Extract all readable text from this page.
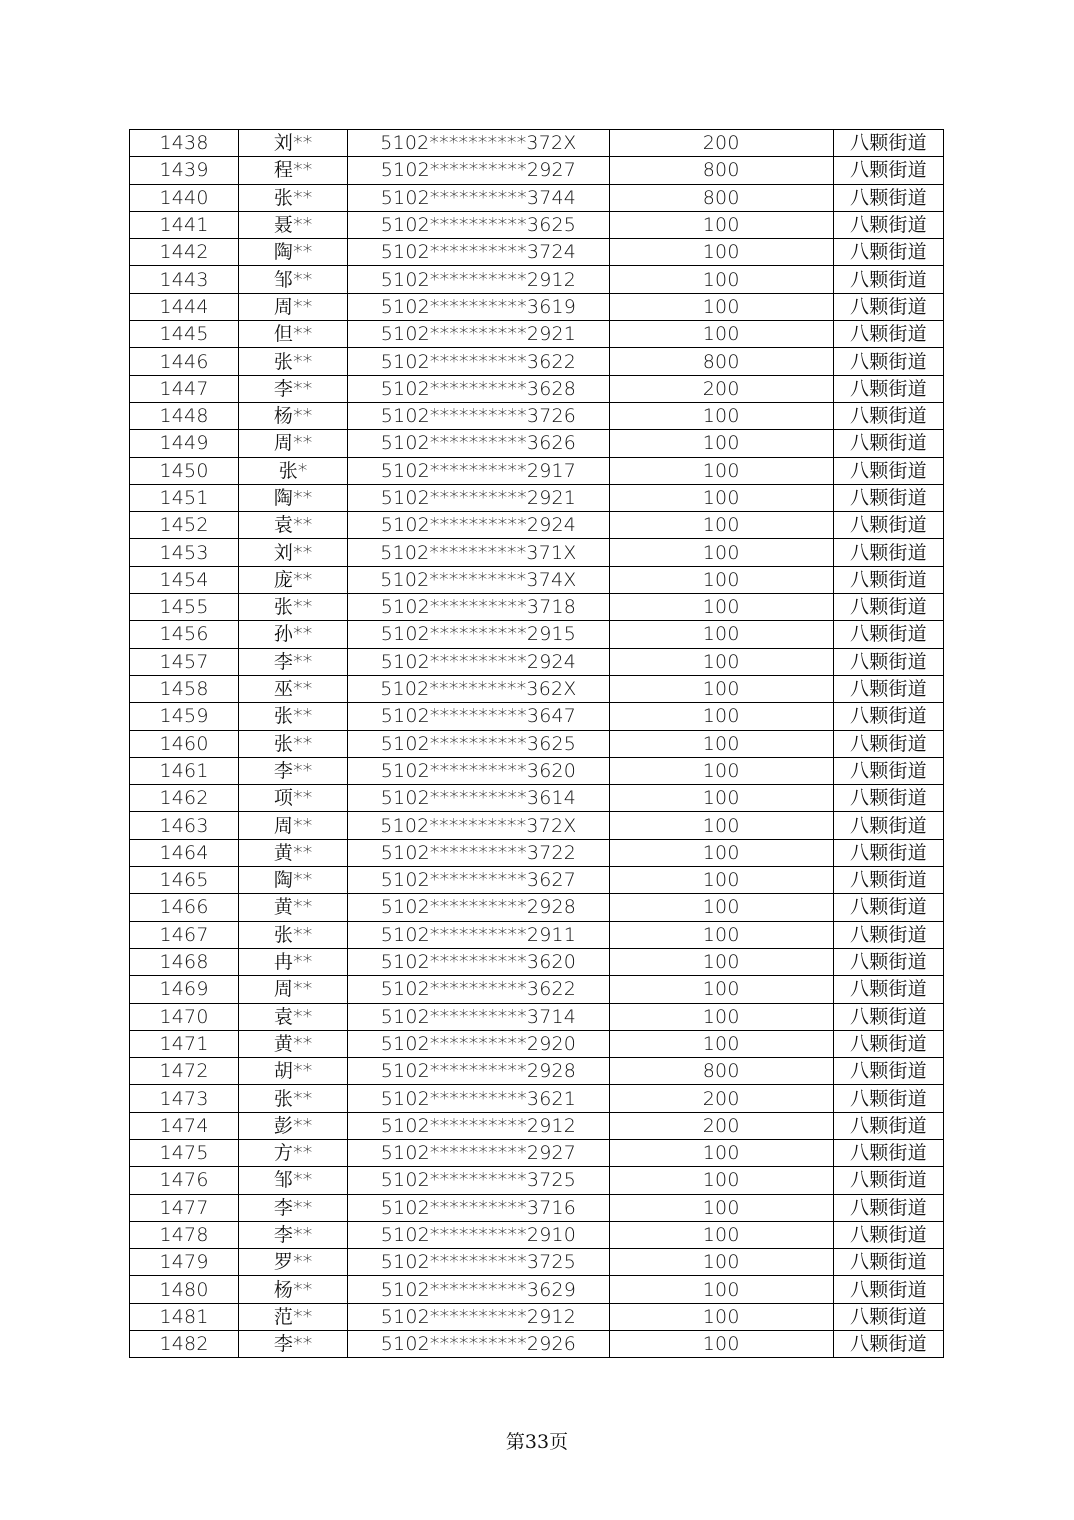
1438	刘**	5102**********372X	200	八颗街道
1439	程**	5102**********2927	800	八颗街道
1440	张**	5102**********3744	800	八颗街道
1441	聂**	5102**********3625	100	八颗街道
1442	陶**	5102**********3724	100	八颗街道
1443	邹**	5102**********2912	100	八颗街道
1444	周**	5102**********3619	100	八颗街道
1445	但**	5102**********2921	100	八颗街道
1446	张**	5102**********3622	800	八颗街道
1447	李**	5102**********3628	200	八颗街道
1448	杨**	5102**********3726	100	八颗街道
1449	周**	5102**********3626	100	八颗街道
1450	张*	5102**********2917	100	八颗街道
1451	陶**	5102**********2921	100	八颗街道
1452	袁**	5102**********2924	100	八颗街道
1453	刘**	5102**********371X	100	八颗街道
1454	庞**	5102**********374X	100	八颗街道
1455	张**	5102**********3718	100	八颗街道
1456	孙**	5102**********2915	100	八颗街道
1457	李**	5102**********2924	100	八颗街道
1458	巫**	5102**********362X	100	八颗街道
1459	张**	5102**********3647	100	八颗街道
1460	张**	5102**********3625	100	八颗街道
1461	李**	5102**********3620	100	八颗街道
1462	项**	5102**********3614	100	八颗街道
1463	周**	5102**********372X	100	八颗街道
1464	黄**	5102**********3722	100	八颗街道
1465	陶**	5102**********3627	100	八颗街道
1466	黄**	5102**********2928	100	八颗街道
1467	张**	5102**********2911	100	八颗街道
1468	冉**	5102**********3620	100	八颗街道
1469	周**	5102**********3622	100	八颗街道
1470	袁**	5102**********3714	100	八颗街道
1471	黄**	5102**********2920	100	八颗街道
1472	胡**	5102**********2928	800	八颗街道
1473	张**	5102**********3621	200	八颗街道
1474	彭**	5102**********2912	200	八颗街道
1475	方**	5102**********2927	100	八颗街道
1476	邹**	5102**********3725	100	八颗街道
1477	李**	5102**********3716	100	八颗街道
1478	李**	5102**********2910	100	八颗街道
1479	罗**	5102**********3725	100	八颗街道
1480	杨**	5102**********3629	100	八颗街道
1481	范**	5102**********2912	100	八颗街道
1482	李**	5102**********2926	100	八颗街道
第33页
